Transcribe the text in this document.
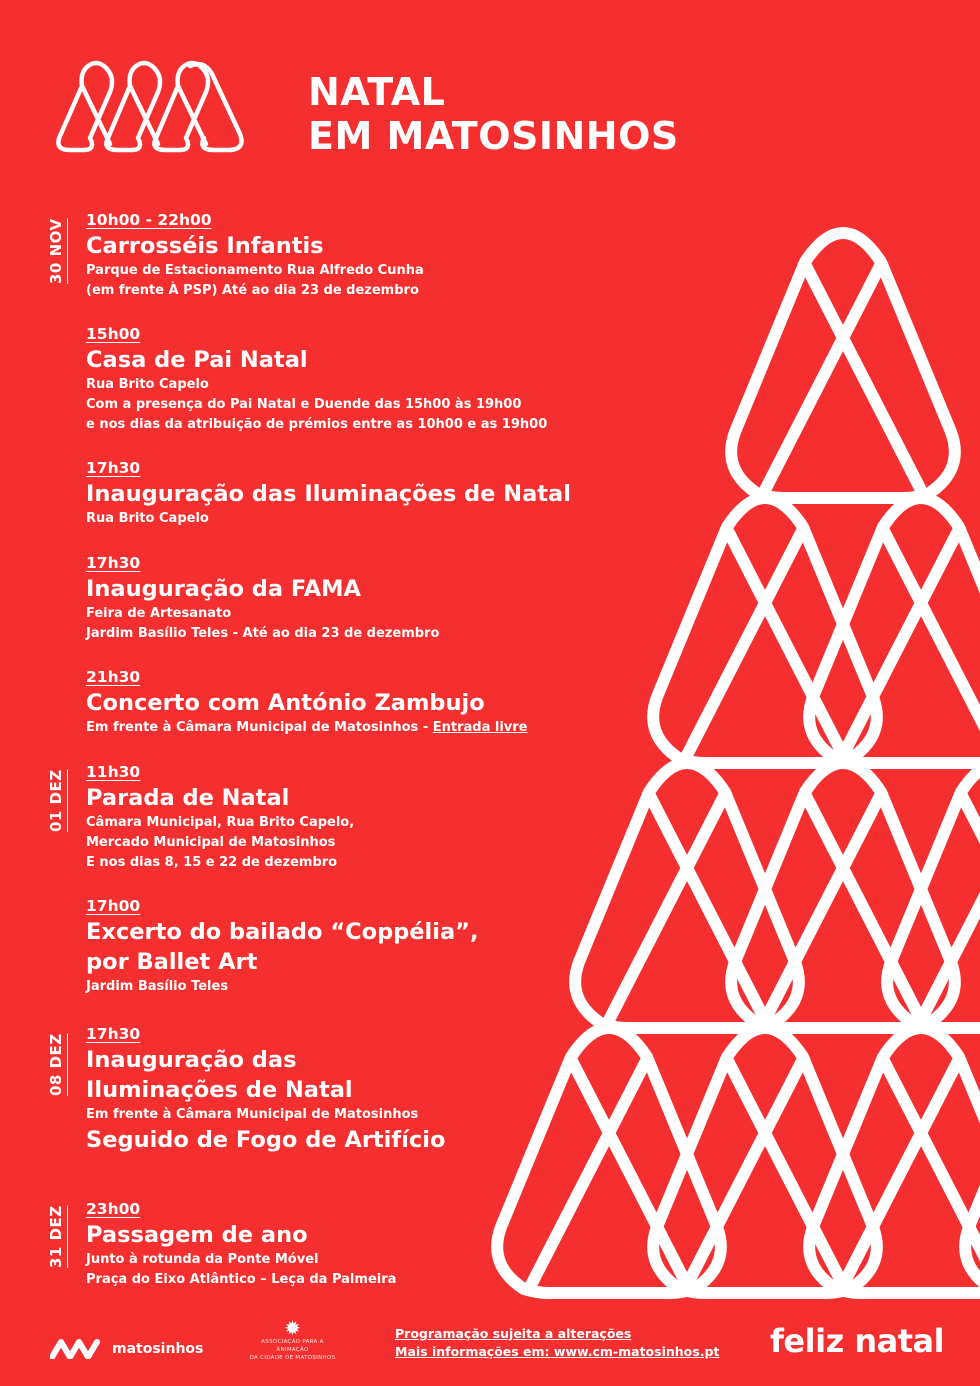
NATAL
EM MATOSINHOS
30 NOV
01 DEZ
08 DEZ
31 DEZ
10h00 - 22h00
Carrosséis Infantis
Parque de Estacionamento Rua Alfredo Cunha
(em frente À PSP) Até ao dia 23 de dezembro
15h00
Casa de Pai Natal
Rua Brito Capelo
Com a presença do Pai Natal e Duende das 15h00 às 19h00
e nos dias da atribuição de prémios entre as 10h00 e as 19h00
17h30
Inauguração das Iluminações de Natal
Rua Brito Capelo
17h30
Inauguração da FAMA
Feira de Artesanato
Jardim Basílio Teles - Até ao dia 23 de dezembro
21h30
Concerto com António Zambujo
Em frente à Câmara Municipal de Matosinhos - Entrada livre
11h30
Parada de Natal
Câmara Municipal, Rua Brito Capelo,
Mercado Municipal de Matosinhos
E nos dias 8, 15 e 22 de dezembro
17h00
Excerto do bailado “Coppélia”,
por Ballet Art
Jardim Basílio Teles
17h30
Inauguração das
Iluminações de Natal
Em frente à Câmara Municipal de Matosinhos
Seguido de Fogo de Artifício
23h00
Passagem de ano
Junto à rotunda da Ponte Móvel
Praça do Eixo Atlântico – Leça da Palmeira
matosinhos
✹
ASSOCIAÇÃO PARA A ANIMAÇÃO
DA CIDADE DE MATOSINHOS
Programação sujeita a alterações
Mais informações em: www.cm-matosinhos.pt feliz natal
